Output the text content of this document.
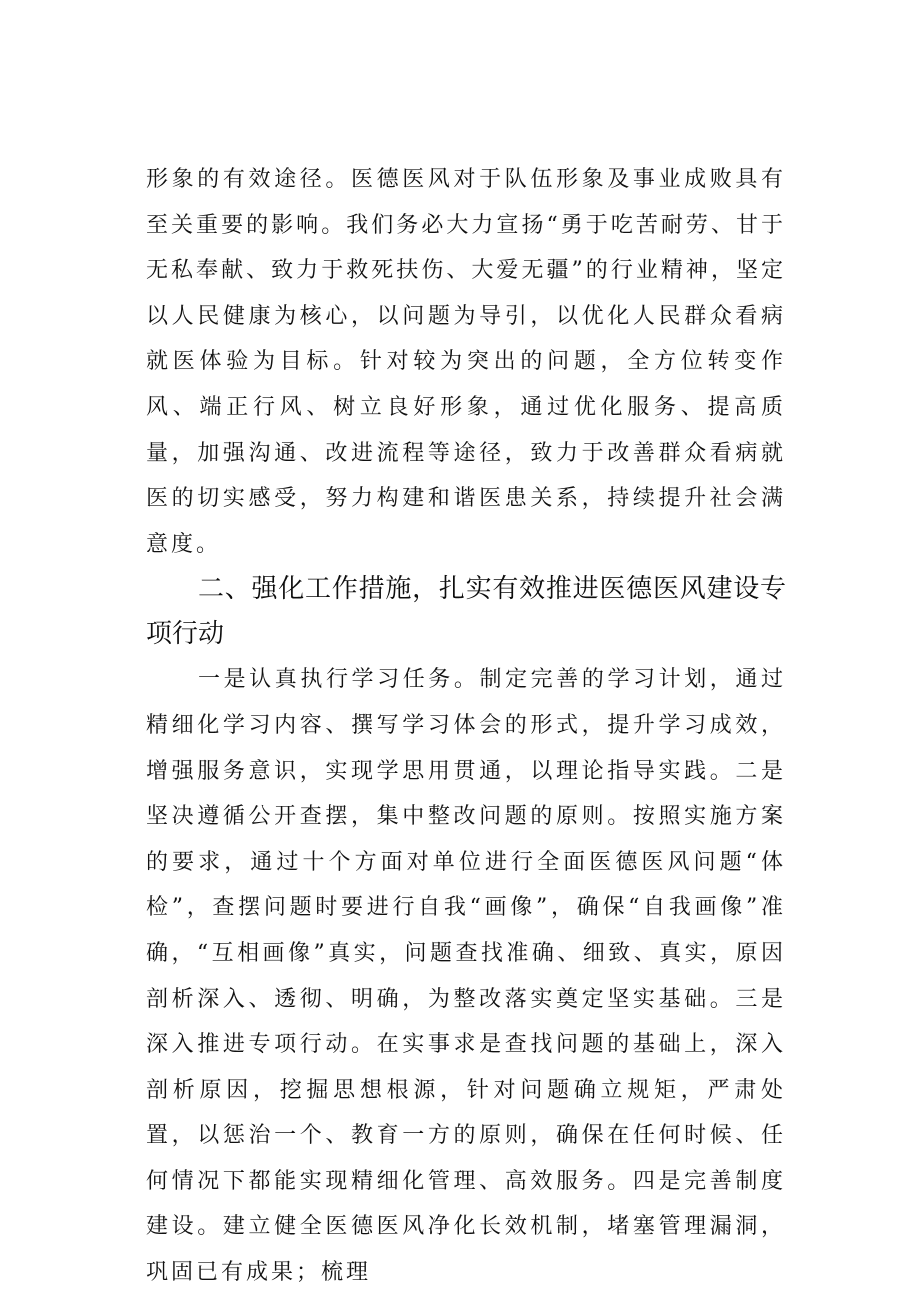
形象的有效途径。医德医风对于队伍形象及事业成败具有至关重要的影响。我们务必大力宣扬“勇于吃苦耐劳、甘于无私奉献、致力于救死扶伤、大爱无疆”的行业精神，坚定以人民健康为核心，以问题为导引，以优化人民群众看病就医体验为目标。针对较为突出的问题，全方位转变作风、端正行风、树立良好形象，通过优化服务、提高质量，加强沟通、改进流程等途径，致力于改善群众看病就医的切实感受，努力构建和谐医患关系，持续提升社会满意度。

二、强化工作措施，扎实有效推进医德医风建设专项行动

一是认真执行学习任务。制定完善的学习计划，通过精细化学习内容、撰写学习体会的形式，提升学习成效，增强服务意识，实现学思用贯通，以理论指导实践。二是坚决遵循公开查摆，集中整改问题的原则。按照实施方案的要求，通过十个方面对单位进行全面医德医风问题“体检”，查摆问题时要进行自我“画像”，确保“自我画像”准确，“互相画像”真实，问题查找准确、细致、真实，原因剖析深入、透彻、明确，为整改落实奠定坚实基础。三是深入推进专项行动。在实事求是查找问题的基础上，深入剖析原因，挖掘思想根源，针对问题确立规矩，严肃处置，以惩治一个、教育一方的原则，确保在任何时候、任何情况下都能实现精细化管理、高效服务。四是完善制度建设。建立健全医德医风净化长效机制，堵塞管理漏洞，巩固已有成果；梳理
